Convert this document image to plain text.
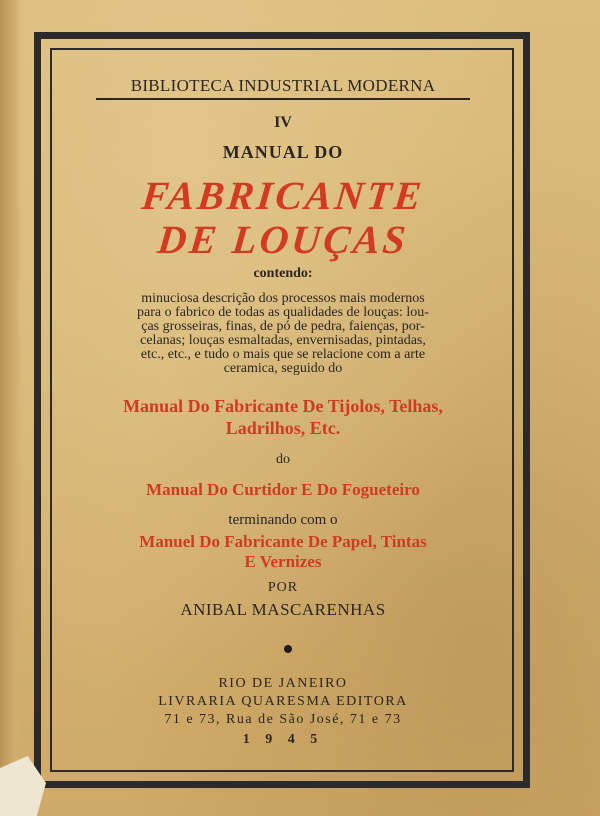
BIBLIOTECA INDUSTRIAL MODERNA
IV
MANUAL DO
FABRICANTE
DE LOUÇAS
contendo:
minuciosa descrição dos processos mais modernos
para o fabrico de todas as qualidades de louças: lou-
ças grosseiras, finas, de pó de pedra, faienças, por-
celanas; louças esmaltadas, envernisadas, pintadas,
etc., etc., e tudo o mais que se relacione com a arte
ceramica, seguido do
Manual Do Fabricante De Tijolos, Telhas,
Ladrilhos, Etc.
do
Manual Do Curtidor E Do Fogueteiro
terminando com o
Manuel Do Fabricante De Papel, Tintas
E Vernizes
POR
ANIBAL MASCARENHAS
RIO DE JANEIRO
LIVRARIA QUARESMA EDITORA
71 e 73, Rua de São José, 71 e 73
1 9 4 5
